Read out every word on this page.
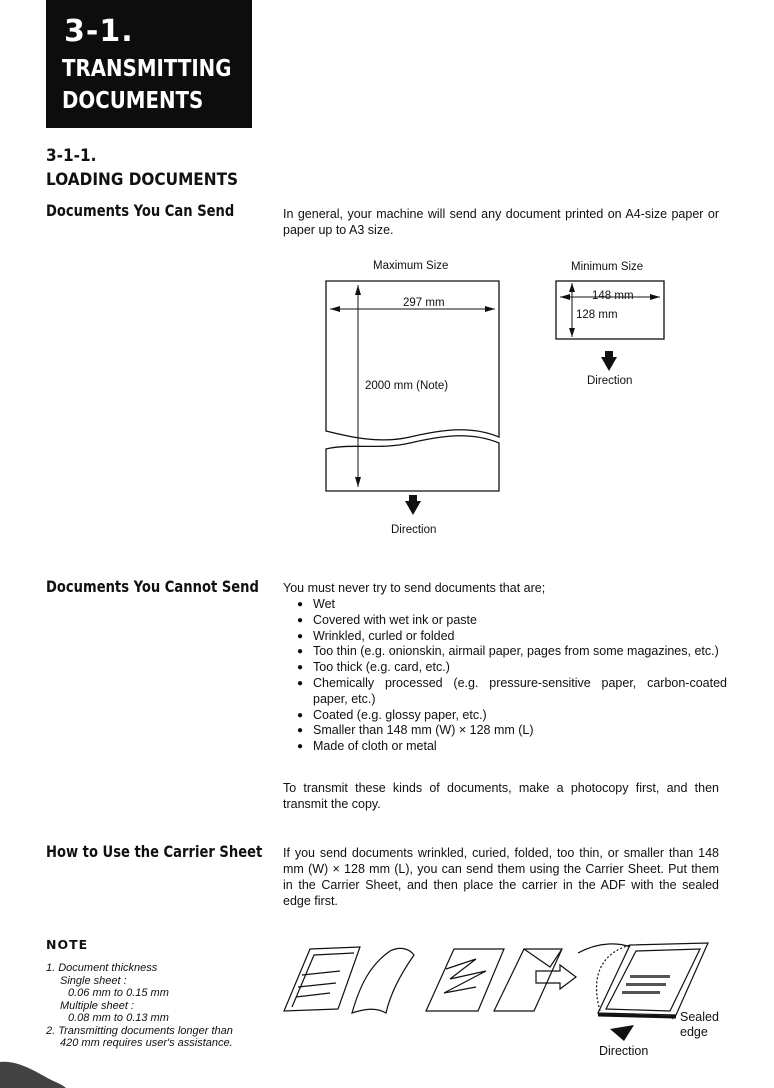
3-1.
TRANSMITTING
DOCUMENTS
3-1-1.
LOADING DOCUMENTS
Documents You Can Send	In general, your machine will send any document printed on A4-size paper or paper up to A3 size.
Maximum Size
297 mm
2000 mm (Note)
Direction
Minimum Size
148 mm
128 mm
Direction
Documents You Cannot Send You must never try to send documents that are;
● Wet
● Covered with wet ink or paste
● Wrinkled, curled or folded
● Too thin (e.g. onionskin, airmail paper, pages from some magazines, etc.)
● Too thick (e.g. card, etc.)
● Chemically processed (e.g. pressure-sensitive paper, carbon-coated paper, etc.)
● Coated (e.g. glossy paper, etc.)
● Smaller than 148 mm (W) × 128 mm (L)
● Made of cloth or metal
To transmit these kinds of documents, make a photocopy first, and then transmit the copy.
How to Use the Carrier Sheet If you send documents wrinkled, curied, folded, too thin, or smaller than 148 mm (W) × 128 mm (L), you can send them using the Carrier Sheet. Put them in the Carrier Sheet, and then place the carrier in the ADF with the sealed edge first.
Sealed
edge
Direction
NOTE
1. Document thickness
Single sheet :
0.06 mm to 0.15 mm
Multiple sheet :
0.08 mm to 0.13 mm
2. Transmitting documents longer than
420 mm requires user's assistance.
